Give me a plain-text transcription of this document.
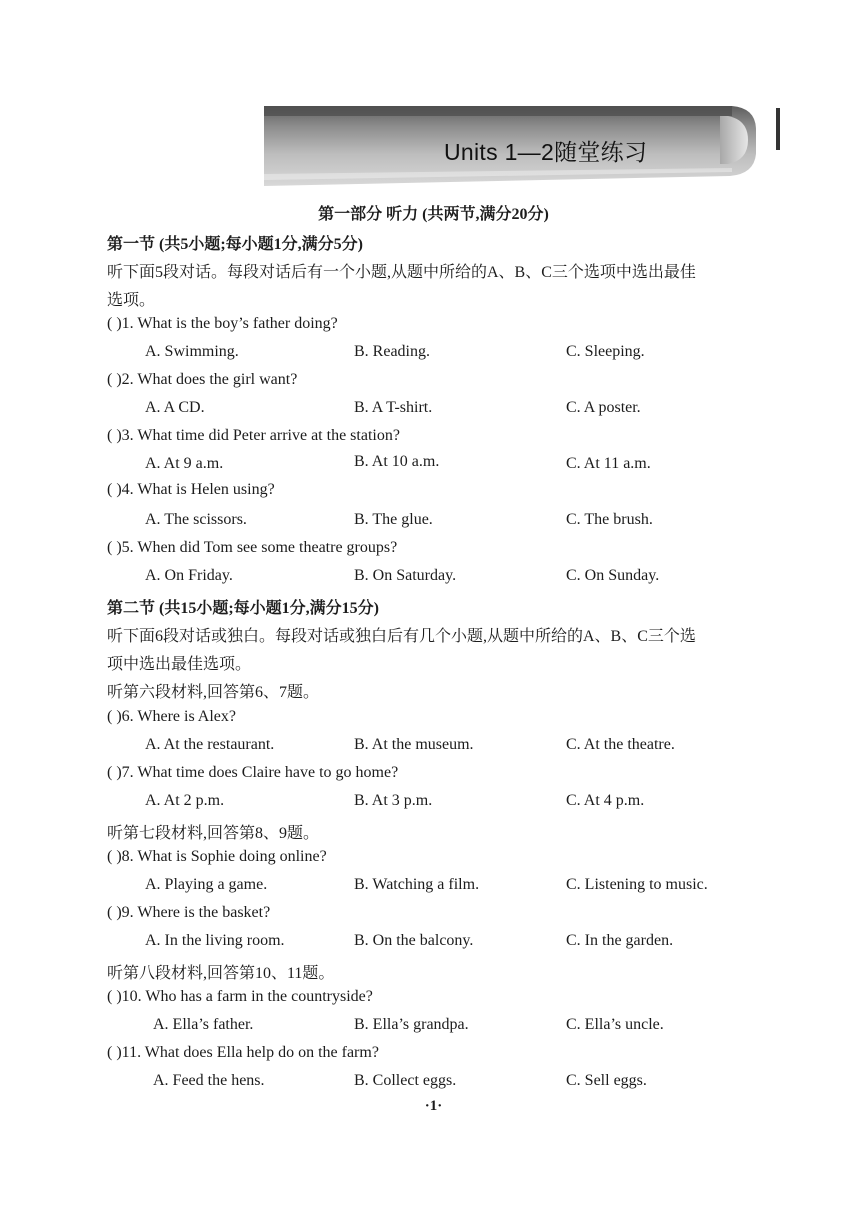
Units 1—2随堂练习
第一部分 听力 (共两节,满分20分)
第一节 (共5小题;每小题1分,满分5分)
听下面5段对话。每段对话后有一个小题,从题中所给的A、B、C三个选项中选出最佳
选项。
( )1. What is the boy’s father doing?
A. Swimming.	B. Reading.	C. Sleeping.
( )2. What does the girl want?
A. A CD.	B. A T-shirt.	C. A poster.
( )3. What time did Peter arrive at the station?
A. At 9 a.m.	B. At 10 a.m.	C. At 11 a.m.
( )4. What is Helen using?
A. The scissors.	B. The glue.	C. The brush.
( )5. When did Tom see some theatre groups?
A. On Friday.	B. On Saturday.	C. On Sunday.
第二节 (共15小题;每小题1分,满分15分)
听下面6段对话或独白。每段对话或独白后有几个小题,从题中所给的A、B、C三个选
项中选出最佳选项。
听第六段材料,回答第6、7题。
( )6. Where is Alex?
A. At the restaurant.	B. At the museum.	C. At the theatre.
( )7. What time does Claire have to go home?
A. At 2 p.m.	B. At 3 p.m.	C. At 4 p.m.
听第七段材料,回答第8、9题。
( )8. What is Sophie doing online?
A. Playing a game.	B. Watching a film.	C. Listening to music.
( )9. Where is the basket?
A. In the living room.	B. On the balcony.	C. In the garden.
听第八段材料,回答第10、11题。
( )10. Who has a farm in the countryside?
A. Ella’s father.	B. Ella’s grandpa.	C. Ella’s uncle.
( )11. What does Ella help do on the farm?
A. Feed the hens.	B. Collect eggs.	C. Sell eggs.
·1·
